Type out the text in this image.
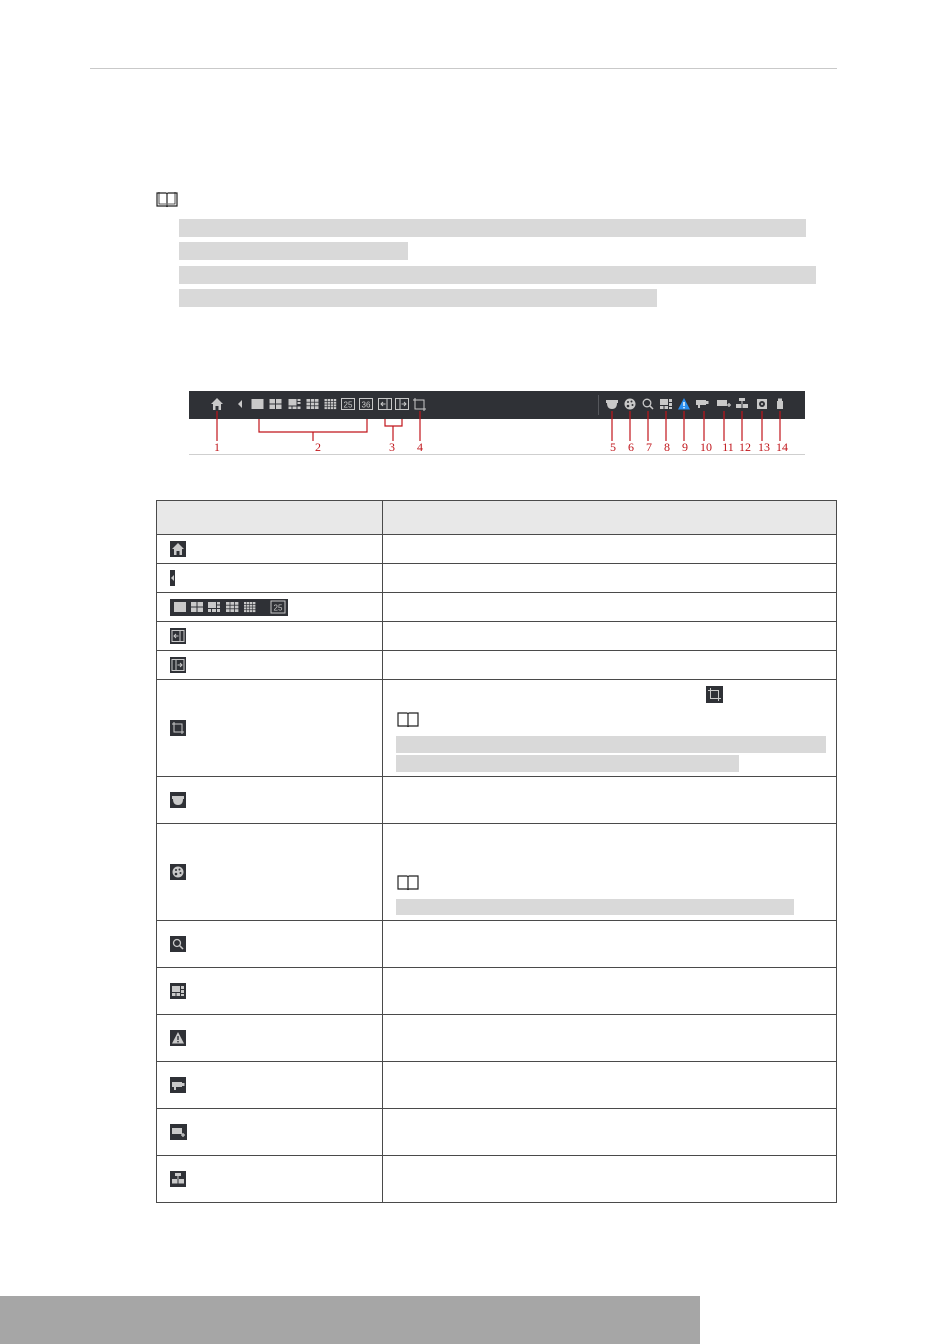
25 36
1	2	3 4	5 6 7 8 9 10 11 12 13 14

25	
